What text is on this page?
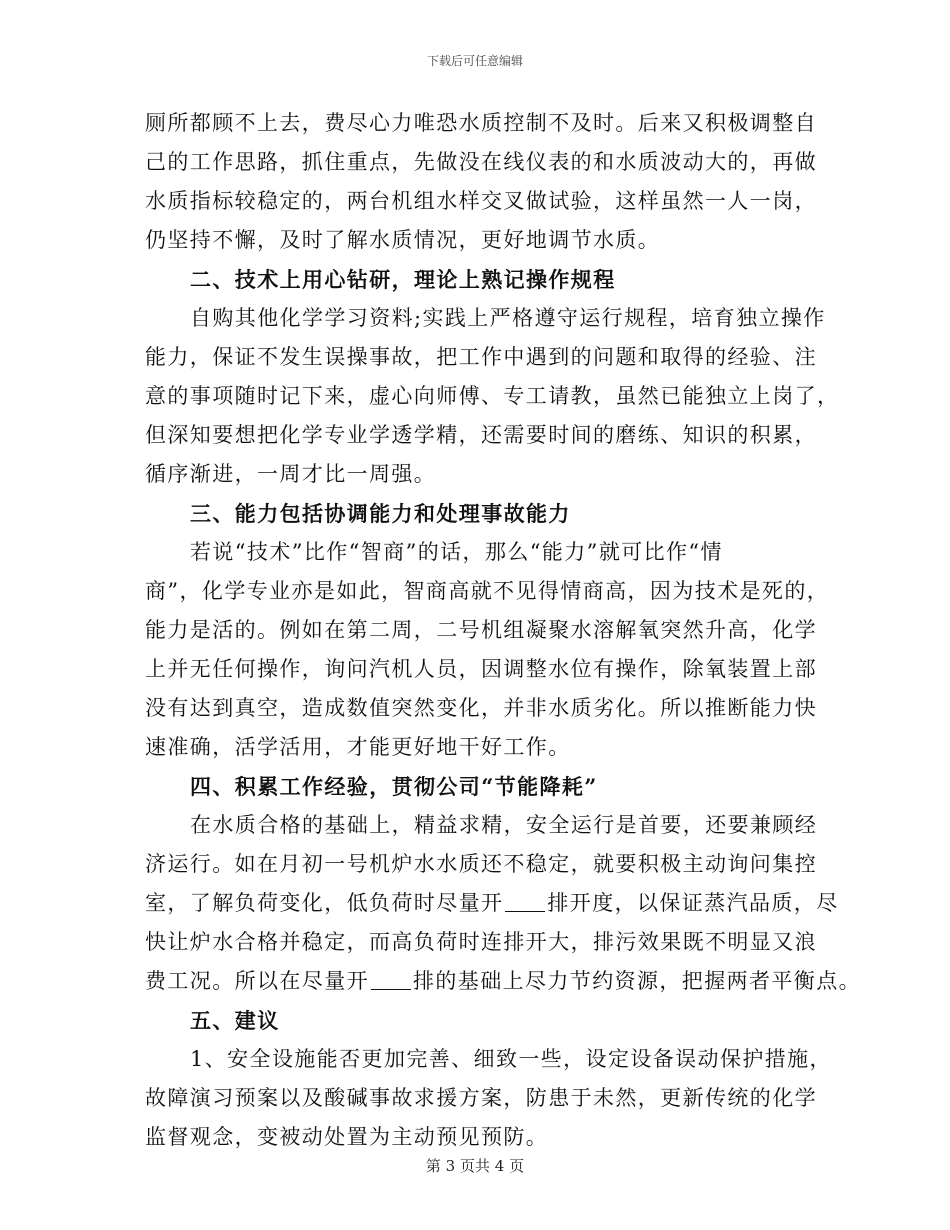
下载后可任意编辑
厕所都顾不上去，费尽心力唯恐水质控制不及时。后来又积极调整自
己的工作思路，抓住重点，先做没在线仪表的和水质波动大的，再做
水质指标较稳定的，两台机组水样交叉做试验，这样虽然一人一岗，
仍坚持不懈，及时了解水质情况，更好地调节水质。
二、技术上用心钻研，理论上熟记操作规程
自购其他化学学习资料;实践上严格遵守运行规程，培育独立操作
能力，保证不发生误操事故，把工作中遇到的问题和取得的经验、注
意的事项随时记下来，虚心向师傅、专工请教，虽然已能独立上岗了，
但深知要想把化学专业学透学精，还需要时间的磨练、知识的积累，
循序渐进，一周才比一周强。
三、能力包括协调能力和处理事故能力
若说“技术”比作“智商”的话，那么“能力”就可比作“情
商”，化学专业亦是如此，智商高就不见得情商高，因为技术是死的，
能力是活的。例如在第二周，二号机组凝聚水溶解氧突然升高，化学
上并无任何操作，询问汽机人员，因调整水位有操作，除氧装置上部
没有达到真空，造成数值突然变化，并非水质劣化。所以推断能力快
速准确，活学活用，才能更好地干好工作。
四、积累工作经验，贯彻公司“节能降耗”
在水质合格的基础上，精益求精，安全运行是首要，还要兼顾经
济运行。如在月初一号机炉水水质还不稳定，就要积极主动询问集控
室，了解负荷变化，低负荷时尽量开 排开度，以保证蒸汽品质，尽
快让炉水合格并稳定，而高负荷时连排开大，排污效果既不明显又浪
费工况。所以在尽量开 排的基础上尽力节约资源，把握两者平衡点。
五、建议
1、安全设施能否更加完善、细致一些，设定设备误动保护措施，
故障演习预案以及酸碱事故求援方案，防患于未然，更新传统的化学
监督观念，变被动处置为主动预见预防。
第 3 页共 4 页
